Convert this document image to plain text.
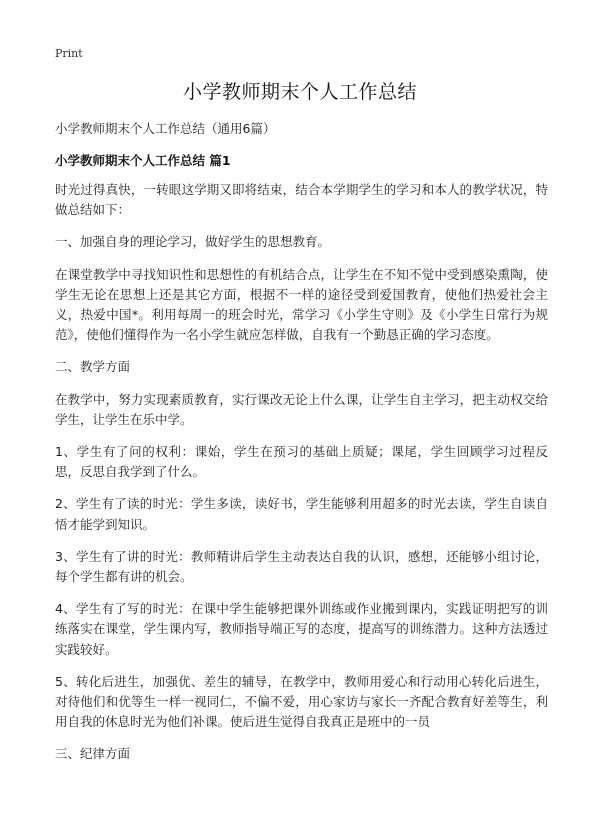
Print
小学教师期末个人工作总结

小学教师期末个人工作总结（通用6篇）

小学教师期末个人工作总结 篇1

时光过得真快，一转眼这学期又即将结束，结合本学期学生的学习和本人的教学状况，特做总结如下：

一、加强自身的理论学习，做好学生的思想教育。

在课堂教学中寻找知识性和思想性的有机结合点，让学生在不知不觉中受到感染熏陶，使学生无论在思想上还是其它方面，根据不一样的途径受到爱国教育，使他们热爱社会主义，热爱中国*。利用每周一的班会时光，常学习《小学生守则》及《小学生日常行为规范》，使他们懂得作为一名小学生就应怎样做，自我有一个勤恳正确的学习态度。

二、教学方面

在教学中，努力实现素质教育，实行课改无论上什么课，让学生自主学习，把主动权交给学生，让学生在乐中学。

1、学生有了问的权利：课始，学生在预习的基础上质疑；课尾，学生回顾学习过程反思，反思自我学到了什么。

2、学生有了读的时光：学生多读，读好书，学生能够利用超多的时光去读，学生自读自悟才能学到知识。

3、学生有了讲的时光：教师精讲后学生主动表达自我的认识，感想，还能够小组讨论，每个学生都有讲的机会。

4、学生有了写的时光：在课中学生能够把课外训练或作业搬到课内，实践证明把写的训练落实在课堂，学生课内写，教师指导端正写的态度，提高写的训练潜力。这种方法透过实践较好。

5、转化后进生，加强优、差生的辅导，在教学中，教师用爱心和行动用心转化后进生，对待他们和优等生一样一视同仁，不偏不爱，用心家访与家长一齐配合教育好差等生，利用自我的休息时光为他们补课。使后进生觉得自我真正是班中的一员

三、纪律方面
